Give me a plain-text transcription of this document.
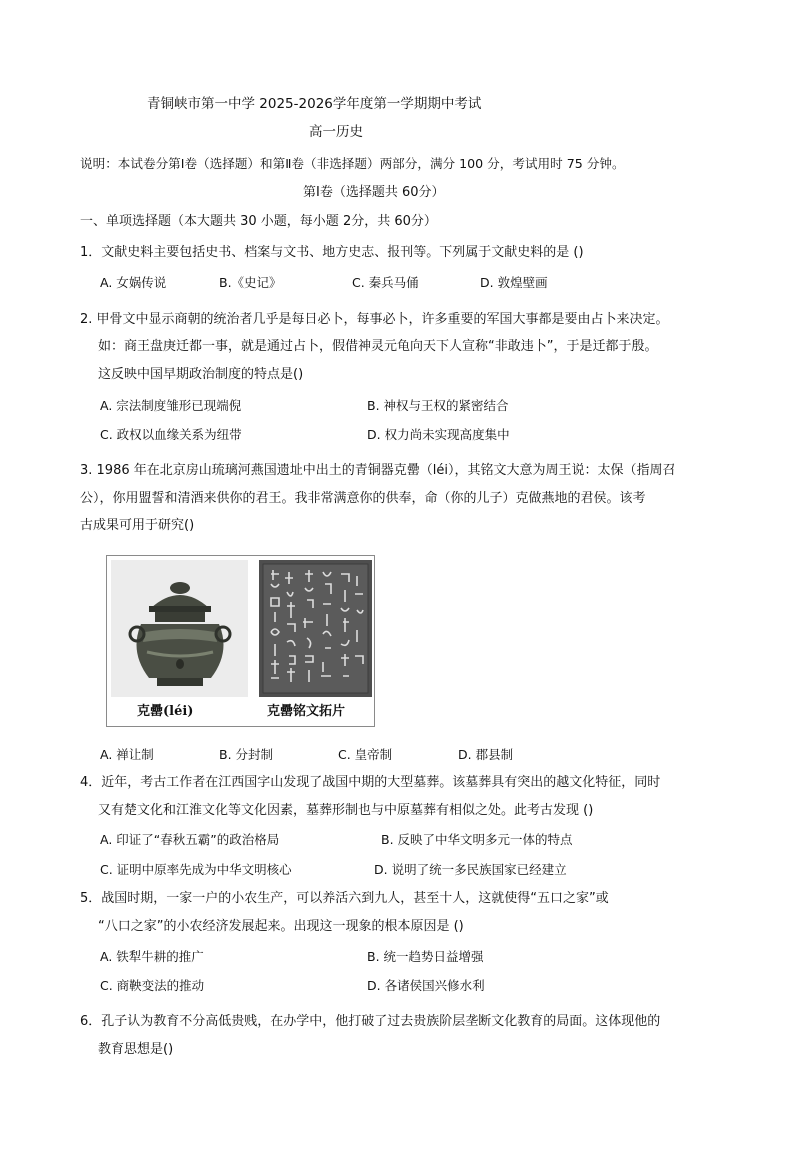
青铜峡市第一中学 2025-2026学年度第一学期期中考试
高一历史
说明：本试卷分第Ⅰ卷（选择题）和第Ⅱ卷（非选择题）两部分，满分 100 分，考试用时 75 分钟。
第Ⅰ卷（选择题共 60分）
一、单项选择题（本大题共 30 小题，每小题 2分，共 60分）
1．文献史料主要包括史书、档案与文书、地方史志、报刊等。下列属于文献史料的是 ()
A. 女娲传说	B.《史记》	C. 秦兵马俑	D. 敦煌壁画
2. 甲骨文中显示商朝的统治者几乎是每日必卜，每事必卜，许多重要的军国大事都是要由占卜来决定。
如：商王盘庚迁都一事，就是通过占卜，假借神灵元龟向天下人宣称“非敢违卜”，于是迁都于殷。
这反映中国早期政治制度的特点是()
A. 宗法制度雏形已现端倪	B. 神权与王权的紧密结合
C. 政权以血缘关系为纽带	D. 权力尚未实现高度集中
3. 1986 年在北京房山琉璃河燕国遗址中出土的青铜器克罍（léi），其铭文大意为周王说：太保（指周召
公），你用盟誓和清酒来供你的君王。我非常满意你的供奉，命（你的儿子）克做燕地的君侯。该考
古成果可用于研究()
克罍(léi)	克罍铭文拓片
A. 禅让制	B. 分封制	C. 皇帝制	D. 郡县制
4．近年，考古工作者在江西国字山发现了战国中期的大型墓葬。该墓葬具有突出的越文化特征，同时
又有楚文化和江淮文化等文化因素，墓葬形制也与中原墓葬有相似之处。此考古发现 ()
A. 印证了“春秋五霸”的政治格局	B. 反映了中华文明多元一体的特点
C. 证明中原率先成为中华文明核心	D. 说明了统一多民族国家已经建立
5．战国时期，一家一户的小农生产，可以养活六到九人，甚至十人，这就使得“五口之家”或
“八口之家”的小农经济发展起来。出现这一现象的根本原因是 ()
A. 铁犁牛耕的推广	B. 统一趋势日益增强
C. 商鞅变法的推动	D. 各诸侯国兴修水利
6．孔子认为教育不分高低贵贱，在办学中，他打破了过去贵族阶层垄断文化教育的局面。这体现他的
教育思想是()
